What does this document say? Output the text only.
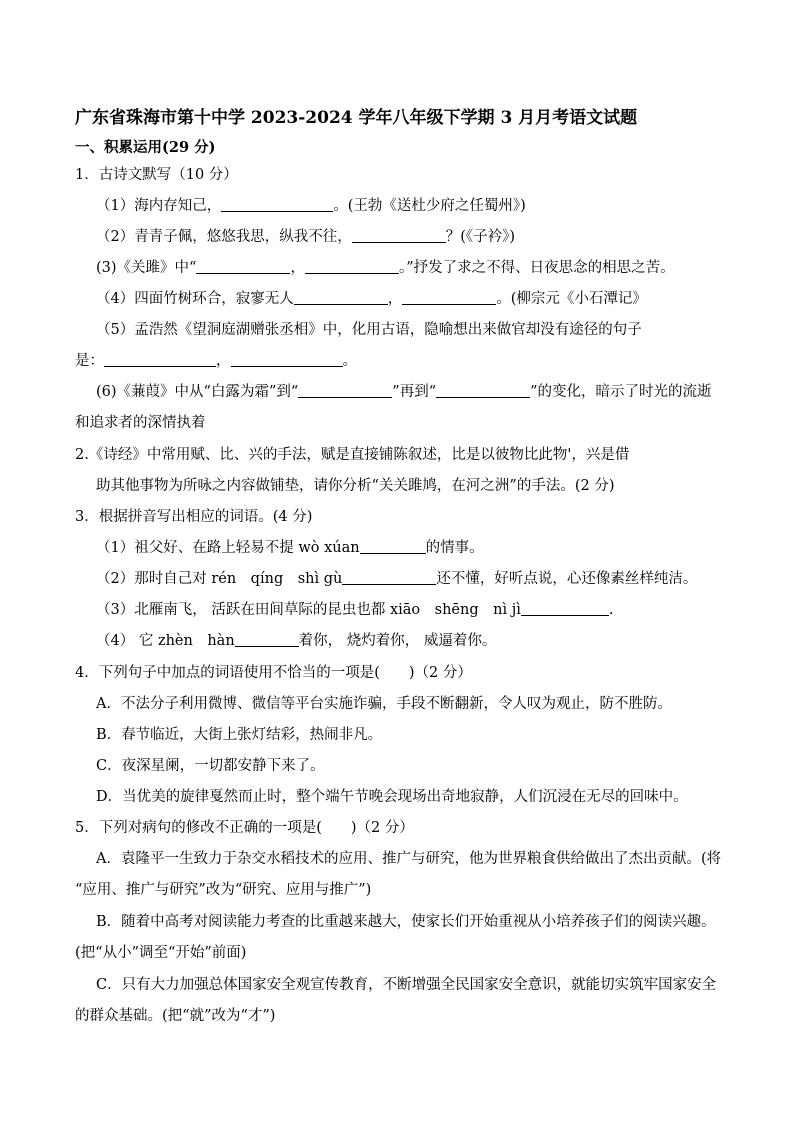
广东省珠海市第十中学 2023-2024 学年八年级下学期 3 月月考语文试题
一、积累运用(29 分)
1．古诗文默写（10 分）
（1）海内存知己，	。(王勃《送杜少府之任蜀州》)
（2）青青子佩，悠悠我思，纵我不往，	？(《子衿》)
(3)《关雎》中“	，	。”抒发了求之不得、日夜思念的相思之苦。
（4）四面竹树环合，寂寥无人	，	。(柳宗元《小石潭记》
（5）孟浩然《望洞庭湖赠张丞相》中，化用古语，隐喻想出来做官却没有途径的句子
是：	，	。
(6)《蒹葭》中从“白露为霜”到“	”再到“	”的变化，暗示了时光的流逝
和追求者的深情执着
2.《诗经》中常用赋、比、兴的手法，赋是直接铺陈叙述，比是以彼物比此物'，兴是借
助其他事物为所咏之内容做铺垫，请你分析“关关雎鸠，在河之洲”的手法。(2 分)
3．根据拼音写出相应的词语。(4 分)
（1）祖父好、在路上轻易不提 wò xúan	的情事。
（2）那时自己对 rén　qíng　shì gù	还不懂，好听点说，心还像素丝样纯洁。
（3）北雁南飞， 活跃在田间草际的昆虫也都 xiāo　shēng　nì jì	.
（4） 它 zhèn　hàn	着你， 烧灼着你， 威逼着你。
4．下列句子中加点的词语使用不恰当的一项是(　　)（2 分）
A．不法分子利用微博、微信等平台实施诈骗，手段不断翻新，令人叹为观止，防不胜防。
B．春节临近，大街上张灯结彩，热闹非凡。
C．夜深星阑，一切都安静下来了。
D．当优美的旋律戛然而止时，整个端午节晚会现场出奇地寂静，人们沉浸在无尽的回味中。
5．下列对病句的修改不正确的一项是(　　)（2 分）
A．袁隆平一生致力于杂交水稻技术的应用、推广与研究，他为世界粮食供给做出了杰出贡献。(将
“应用、推广与研究”改为“研究、应用与推广”)
B．随着中高考对阅读能力考查的比重越来越大，使家长们开始重视从小培养孩子们的阅读兴趣。
(把“从小”调至“开始”前面)
C．只有大力加强总体国家安全观宣传教育，不断增强全民国家安全意识，就能切实筑牢国家安全
的群众基础。(把“就”改为“才”)
